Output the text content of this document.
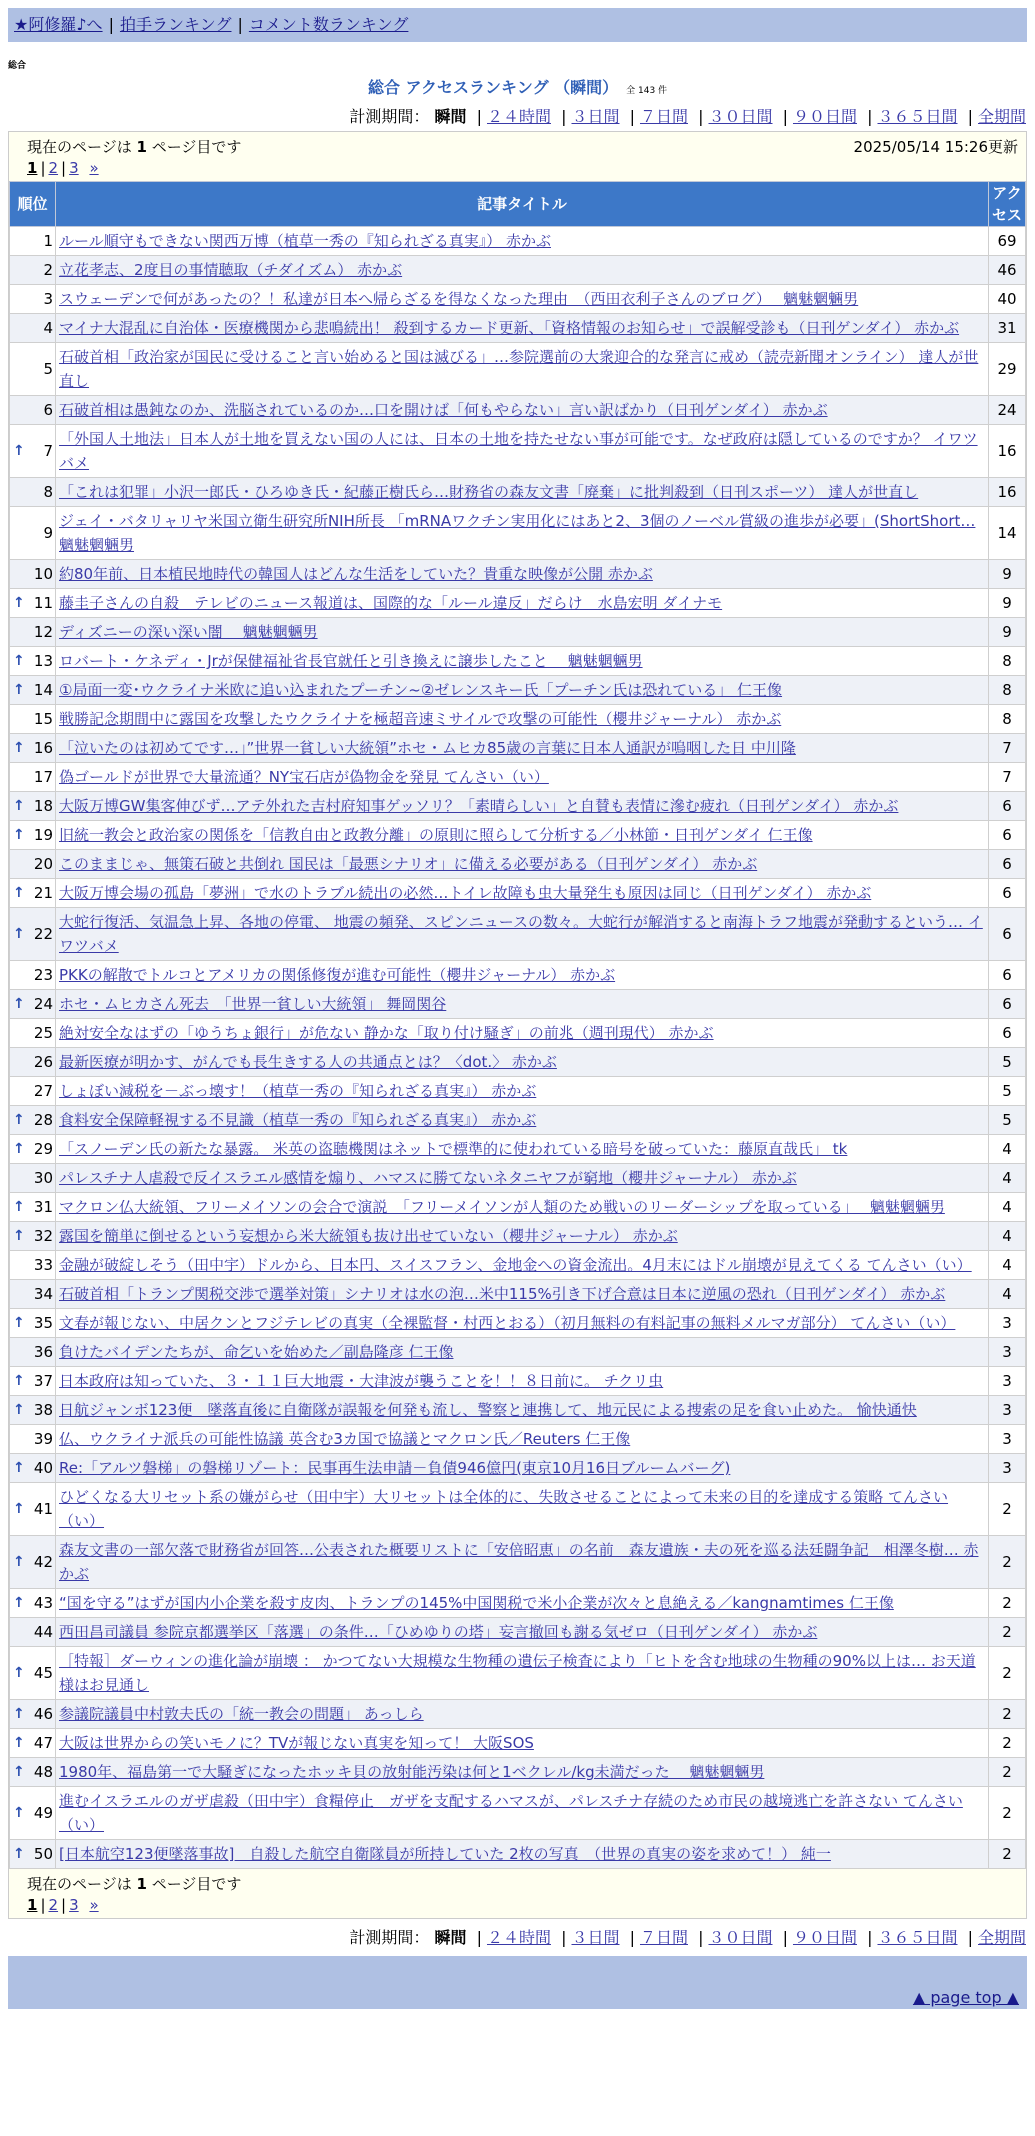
★阿修羅♪へ | 拍手ランキング | コメント数ランキング
総合
総合 アクセスランキング （瞬間） 全 143 件
計測期間： 瞬間 | ２４時間 | ３日間 | ７日間 | ３０日間 | ９０日間 | ３６５日間 | 全期間
現在のページは 1 ページ目です	2025/05/14 15:26更新
1 | 2 | 3 »
順位	記事タイトル	アクセス
1	ルール順守もできない関西万博（植草一秀の『知られざる真実』） 赤かぶ	69
2	立花孝志、2度目の事情聴取（チダイズム） 赤かぶ	46
3	スウェーデンで何があったの？！私達が日本へ帰らざるを得なくなった理由　（西田衣利子さんのブログ）　 魑魅魍魎男	40
4	マイナ大混乱に自治体・医療機関から悲鳴続出！ 殺到するカード更新、「資格情報のお知らせ」で誤解受診も（日刊ゲンダイ） 赤かぶ	31
5	石破首相「政治家が国民に受けること言い始めると国は滅びる」…参院選前の大衆迎合的な発言に戒め（読売新聞オンライン） 達人が世直し	29
6	石破首相は愚鈍なのか、洗脳されているのか…口を開けば「何もやらない」言い訳ばかり（日刊ゲンダイ） 赤かぶ	24

↑ 7	「外国人土地法」日本人が土地を買えない国の人には、日本の土地を持たせない事が可能です。なぜ政府は隠しているのですか？ イワツバメ	16
8	「これは犯罪」小沢一郎氏・ひろゆき氏・紀藤正樹氏ら…財務省の森友文書「廃棄」に批判殺到（日刊スポーツ） 達人が世直し	16
9	ジェイ・バタリャリヤ米国立衛生研究所NIH所長 「mRNAワクチン実用化にはあと2、3個のノーベル賞級の進歩が必要」(ShortShort… 魑魅魍魎男	14
10	約80年前、日本植民地時代の韓国人はどんな生活をしていた？貴重な映像が公開 赤かぶ	9

↑ 11	藤圭子さんの自殺　テレビのニュース報道は、国際的な「ルール違反」だらけ　水島宏明 ダイナモ	9
12	ディズニーの深い深い闇　 魑魅魍魎男	9

↑ 13	ロバート・ケネディ・Jrが保健福祉省長官就任と引き換えに譲歩したこと　 魑魅魍魎男	8

↑ 14	①局面一変･ウクライナ米欧に追い込まれたプーチン~②ゼレンスキー氏「プーチン氏は恐れている」 仁王像	8
15	戦勝記念期間中に露国を攻撃したウクライナを極超音速ミサイルで攻撃の可能性（櫻井ジャーナル） 赤かぶ	8

↑ 16	「泣いたのは初めてです…」”世界一貧しい大統領”ホセ・ムヒカ85歳の言葉に日本人通訳が嗚咽した日 中川隆	7
17	偽ゴールドが世界で大量流通？NY宝石店が偽物金を発見 てんさい（い）	7

↑ 18	大阪万博GW集客伸びず…アテ外れた吉村府知事ゲッソリ？「素晴らしい」と自賛も表情に滲む疲れ（日刊ゲンダイ） 赤かぶ	6

↑ 19	旧統一教会と政治家の関係を「信教自由と政教分離」の原則に照らして分析する／小林節・日刊ゲンダイ 仁王像	6
20	このままじゃ、無策石破と共倒れ 国民は「最悪シナリオ」に備える必要がある（日刊ゲンダイ） 赤かぶ	6

↑ 21	大阪万博会場の孤島「夢洲」で水のトラブル続出の必然…トイレ故障も虫大量発生も原因は同じ（日刊ゲンダイ） 赤かぶ	6

↑ 22	大蛇行復活、気温急上昇、各地の停電、 地震の頻発、スピンニュースの数々。大蛇行が解消すると南海トラフ地震が発動するという… イワツバメ	6
23	PKKの解散でトルコとアメリカの関係修復が進む可能性（櫻井ジャーナル） 赤かぶ	6

↑ 24	ホセ・ムヒカさん死去　「世界一貧しい大統領」 舞岡関谷	6
25	絶対安全なはずの「ゆうちょ銀行」が危ない 静かな「取り付け騒ぎ」の前兆（週刊現代） 赤かぶ	6
26	最新医療が明かす、がんでも長生きする人の共通点とは？〈dot.〉 赤かぶ	5
27	しょぼい減税を－ぶっ壊す！（植草一秀の『知られざる真実』） 赤かぶ	5

↑ 28	食料安全保障軽視する不見識（植草一秀の『知られざる真実』） 赤かぶ	5

↑ 29	「スノーデン氏の新たな暴露。 米英の盗聴機関はネットで標準的に使われている暗号を破っていた：藤原直哉氏」 tk	4
30	パレスチナ人虐殺で反イスラエル感情を煽り、ハマスに勝てないネタニヤフが窮地（櫻井ジャーナル） 赤かぶ	4

↑ 31	マクロン仏大統領、フリーメイソンの会合で演説　「フリーメイソンが人類のため戦いのリーダーシップを取っている」　 魑魅魍魎男	4

↑ 32	露国を簡単に倒せるという妄想から米大統領も抜け出せていない（櫻井ジャーナル） 赤かぶ	4
33	金融が破綻しそう（田中宇）ドルから、日本円、スイスフラン、金地金への資金流出。4月末にはドル崩壊が見えてくる てんさい（い）	4
34	石破首相「トランプ関税交渉で選挙対策」シナリオは水の泡…米中115%引き下げ合意は日本に逆風の恐れ（日刊ゲンダイ） 赤かぶ	4

↑ 35	文春が報じない、中居クンとフジテレビの真実（全裸監督・村西とおる）（初月無料の有料記事の無料メルマガ部分） てんさい（い）	3
36	負けたバイデンたちが、命乞いを始めた／副島隆彦 仁王像	3

↑ 37	日本政府は知っていた、３・１１巨大地震・大津波が襲うことを！！８日前に。 チクリ虫	3

↑ 38	日航ジャンボ123便　墜落直後に自衛隊が誤報を何発も流し、警察と連携して、地元民による捜索の足を食い止めた。 愉快通快	3
39	仏、ウクライナ派兵の可能性協議 英含む3カ国で協議とマクロン氏／Reuters 仁王像	3

↑ 40	Re:「アルツ磐梯」の磐梯リゾート：民事再生法申請－負債946億円(東京10月16日ブルームバーグ)	3

↑ 41	ひどくなる大リセット系の嫌がらせ（田中宇）大リセットは全体的に、失敗させることによって未来の目的を達成する策略 てんさい（い）	2

↑ 42	森友文書の一部欠落で財務省が回答…公表された概要リストに「安倍昭恵」の名前　森友遺族・夫の死を巡る法廷闘争記　相澤冬樹… 赤かぶ	2

↑ 43	“国を守る”はずが国内小企業を殺す皮肉、トランプの145%中国関税で米小企業が次々と息絶える／kangnamtimes 仁王像	2
44	西田昌司議員 参院京都選挙区「落選」の条件…「ひめゆりの塔」妄言撤回も謝る気ゼロ（日刊ゲンダイ） 赤かぶ	2

↑ 45	［特報］ダーウィンの進化論が崩壊 ： かつてない大規模な生物種の遺伝子検査により「ヒトを含む地球の生物種の90%以上は… お天道様はお見通し	2

↑ 46	参議院議員中村敦夫氏の「統一教会の問題」 あっしら	2

↑ 47	大阪は世界からの笑いモノに？TVが報じない真実を知って！ 大阪SOS	2

↑ 48	1980年、福島第一で大騒ぎになったホッキ貝の放射能汚染は何と1ベクレル/kg未満だった　 魑魅魍魎男	2

↑ 49	進むイスラエルのガザ虐殺（田中宇）食糧停止　ガザを支配するハマスが、パレスチナ存続のため市民の越境逃亡を許さない てんさい（い）	2

↑ 50	[日本航空123便墜落事故]　自殺した航空自衛隊員が所持していた 2枚の写真　（世界の真実の姿を求めて！） 純一	2
現在のページは 1 ページ目です
1 | 2 | 3 »
計測期間： 瞬間 | ２４時間 | ３日間 | ７日間 | ３０日間 | ９０日間 | ３６５日間 | 全期間
▲ page top ▲
